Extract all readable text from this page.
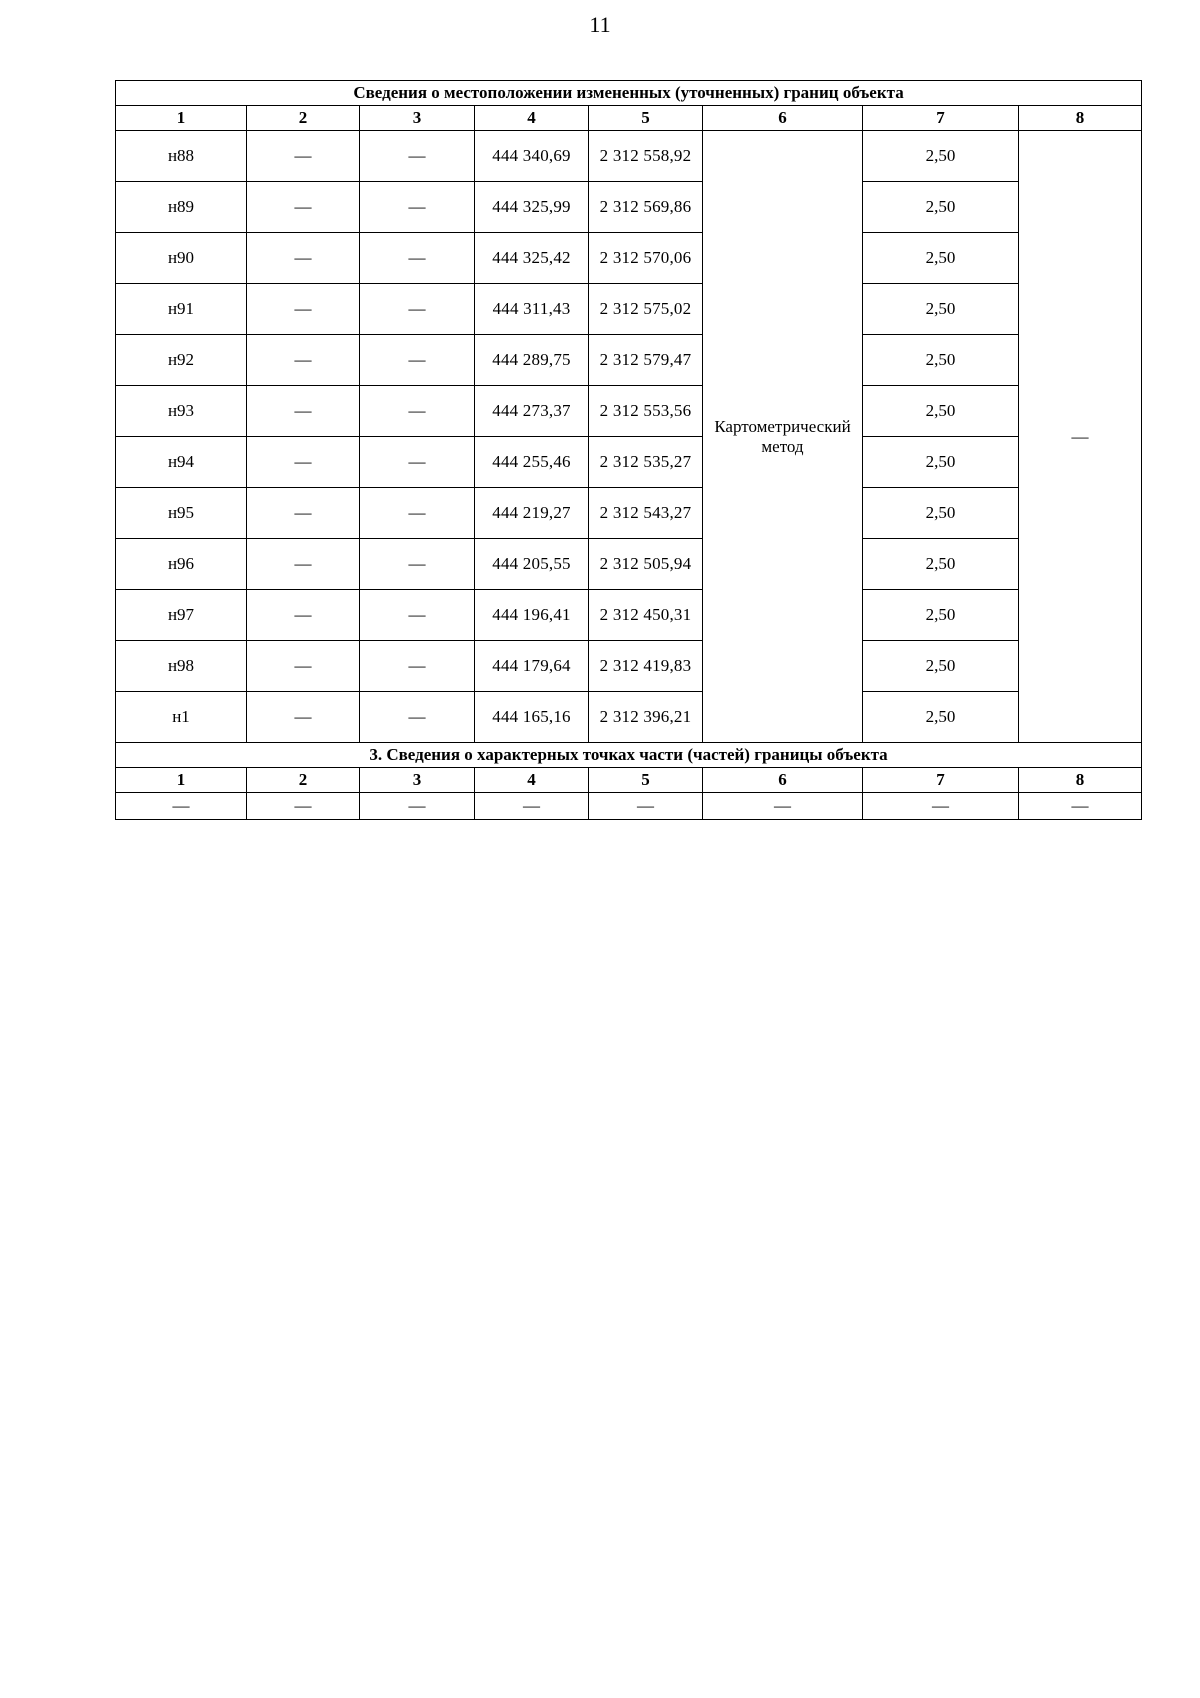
11
Сведения о местоположении измененных (уточненных) границ объекта							
1	2	3	4	5	6	7	8
н88	—	—	444 340,69	2 312 558,92	Картометрический метод	2,50	—
н89	—	—	444 325,99	2 312 569,86		2,50	
н90	—	—	444 325,42	2 312 570,06		2,50	
н91	—	—	444 311,43	2 312 575,02		2,50	
н92	—	—	444 289,75	2 312 579,47		2,50	
н93	—	—	444 273,37	2 312 553,56		2,50	
н94	—	—	444 255,46	2 312 535,27		2,50	
н95	—	—	444 219,27	2 312 543,27		2,50	
н96	—	—	444 205,55	2 312 505,94		2,50	
н97	—	—	444 196,41	2 312 450,31		2,50	
н98	—	—	444 179,64	2 312 419,83		2,50	
н1	—	—	444 165,16	2 312 396,21		2,50	
3. Сведения о характерных точках части (частей) границы объекта							
1	2	3	4	5	6	7	8
—	—	—	—	—	—	—	—
